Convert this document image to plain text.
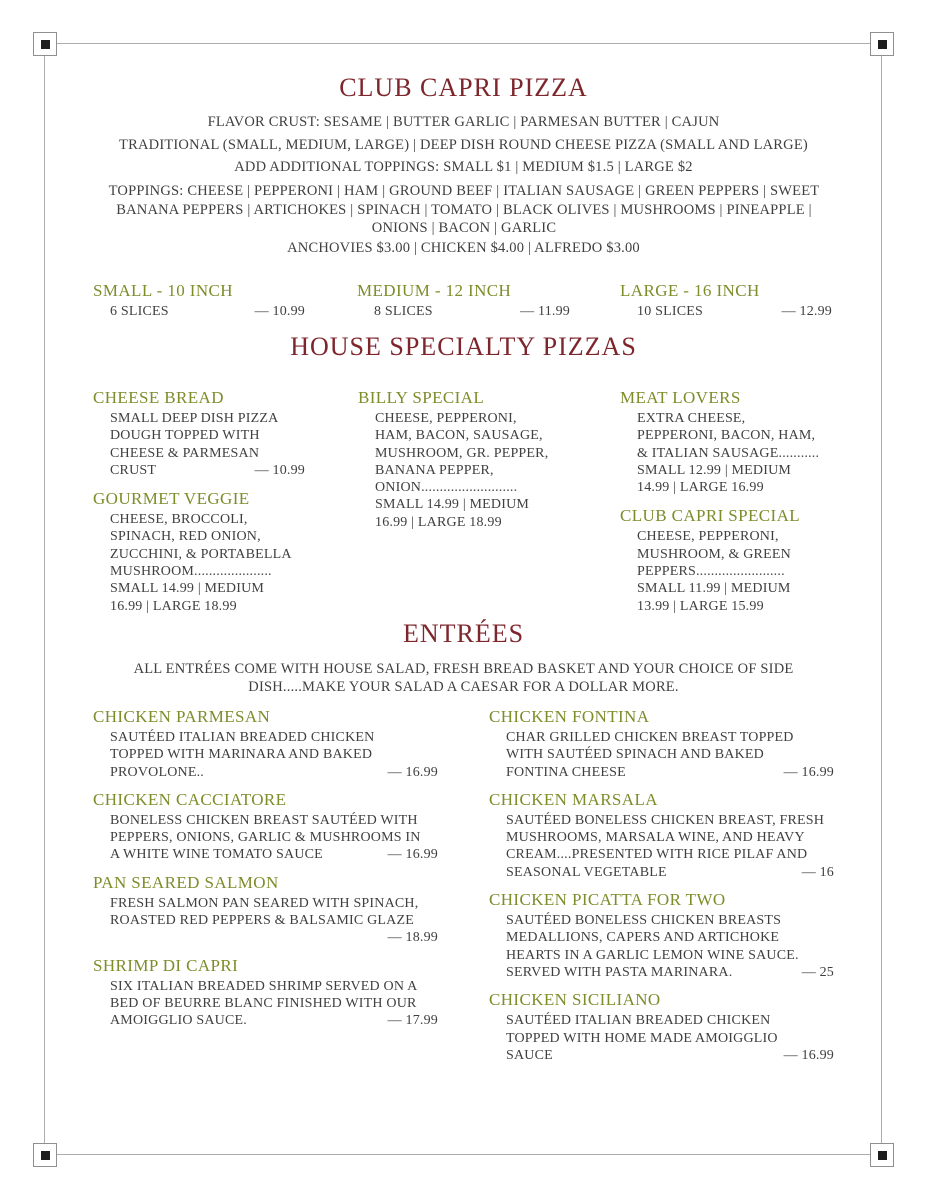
CLUB CAPRI PIZZA
FLAVOR CRUST: SESAME | BUTTER GARLIC | PARMESAN BUTTER | CAJUN
TRADITIONAL (SMALL, MEDIUM, LARGE) | DEEP DISH ROUND CHEESE PIZZA (SMALL AND LARGE)
ADD ADDITIONAL TOPPINGS: SMALL $1 | MEDIUM $1.5 | LARGE $2
TOPPINGS: CHEESE | PEPPERONI | HAM | GROUND BEEF | ITALIAN SAUSAGE | GREEN PEPPERS | SWEET
BANANA PEPPERS | ARTICHOKES | SPINACH | TOMATO | BLACK OLIVES | MUSHROOMS | PINEAPPLE |
ONIONS | BACON | GARLIC
ANCHOVIES $3.00 | CHICKEN $4.00 | ALFREDO $3.00
SMALL - 10 INCH
6 SLICES	— 10.99
MEDIUM - 12 INCH
8 SLICES	— 11.99
LARGE - 16 INCH
10 SLICES	— 12.99
HOUSE SPECIALTY PIZZAS
CHEESE BREAD
SMALL DEEP DISH PIZZA
DOUGH TOPPED WITH
CHEESE & PARMESAN
CRUST	— 10.99
GOURMET VEGGIE
CHEESE, BROCCOLI,
SPINACH, RED ONION,
ZUCCHINI, & PORTABELLA
MUSHROOM.....................
SMALL 14.99 | MEDIUM
16.99 | LARGE 18.99
BILLY SPECIAL
CHEESE, PEPPERONI,
HAM, BACON, SAUSAGE,
MUSHROOM, GR. PEPPER,
BANANA PEPPER,
ONION..........................
SMALL 14.99 | MEDIUM
16.99 | LARGE 18.99
MEAT LOVERS
EXTRA CHEESE,
PEPPERONI, BACON, HAM,
& ITALIAN SAUSAGE...........
SMALL 12.99 | MEDIUM
14.99 | LARGE 16.99
CLUB CAPRI SPECIAL
CHEESE, PEPPERONI,
MUSHROOM, & GREEN
PEPPERS........................
SMALL 11.99 | MEDIUM
13.99 | LARGE 15.99
ENTRÉES
ALL ENTRÉES COME WITH HOUSE SALAD, FRESH BREAD BASKET AND YOUR CHOICE OF SIDE
DISH.....MAKE YOUR SALAD A CAESAR FOR A DOLLAR MORE.
CHICKEN PARMESAN
SAUTÉED ITALIAN BREADED CHICKEN
TOPPED WITH MARINARA AND BAKED
PROVOLONE..	— 16.99
CHICKEN CACCIATORE
BONELESS CHICKEN BREAST SAUTÉED WITH
PEPPERS, ONIONS, GARLIC & MUSHROOMS IN
A WHITE WINE TOMATO SAUCE	— 16.99
PAN SEARED SALMON
FRESH SALMON PAN SEARED WITH SPINACH,
ROASTED RED PEPPERS & BALSAMIC GLAZE
— 18.99
SHRIMP DI CAPRI
SIX ITALIAN BREADED SHRIMP SERVED ON A
BED OF BEURRE BLANC FINISHED WITH OUR
AMOIGGLIO SAUCE.	— 17.99
CHICKEN FONTINA
CHAR GRILLED CHICKEN BREAST TOPPED
WITH SAUTÉED SPINACH AND BAKED
FONTINA CHEESE	— 16.99
CHICKEN MARSALA
SAUTÉED BONELESS CHICKEN BREAST, FRESH
MUSHROOMS, MARSALA WINE, AND HEAVY
CREAM....PRESENTED WITH RICE PILAF AND
SEASONAL VEGETABLE	— 16
CHICKEN PICATTA FOR TWO
SAUTÉED BONELESS CHICKEN BREASTS
MEDALLIONS, CAPERS AND ARTICHOKE
HEARTS IN A GARLIC LEMON WINE SAUCE.
SERVED WITH PASTA MARINARA.	— 25
CHICKEN SICILIANO
SAUTÉED ITALIAN BREADED CHICKEN
TOPPED WITH HOME MADE AMOIGGLIO
SAUCE	— 16.99
